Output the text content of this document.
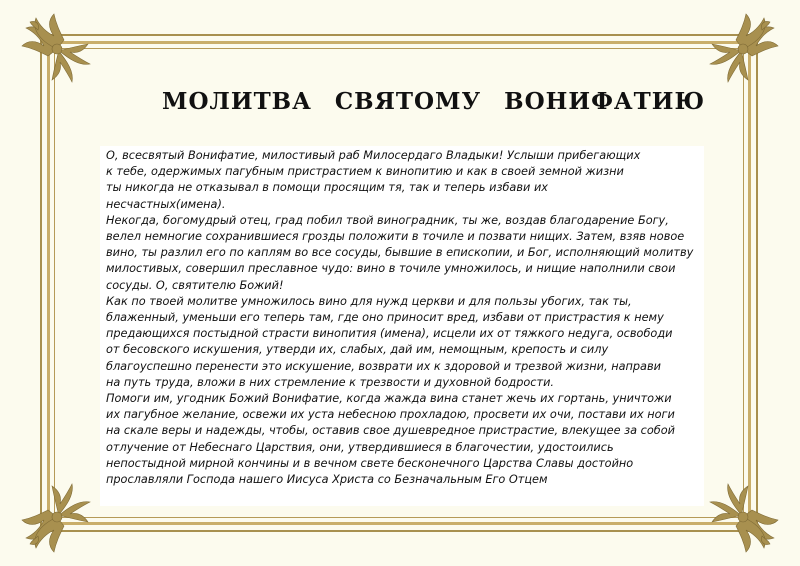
МОЛИТВА СВЯТОМУ ВОНИФАТИЮ
О, всесвятый Вонифатие, милостивый раб Милосердаго Владыки! Услыши прибегающих
к тебе, одержимых пагубным пристрастием к винопитию и как в своей земной жизни
ты никогда не отказывал в помощи просящим тя, так и теперь избави их
несчастных(имена).
Некогда, богомудрый отец, град побил твой виноградник, ты же, воздав благодарение Богу,
велел немногие сохранившиеся грозды положити в точиле и позвати нищих. Затем, взяв новое
вино, ты разлил его по каплям во все сосуды, бывшие в епископии, и Бог, исполняющий молитву
милостивых, совершил преславное чудо: вино в точиле умножилось, и нищие наполнили свои
сосуды. О, святителю Божий!
Как по твоей молитве умножилось вино для нужд церкви и для пользы убогих, так ты,
блаженный, уменьши его теперь там, где оно приносит вред, избави от пристрастия к нему
предающихся постыдной страсти винопития (имена), исцели их от тяжкого недуга, освободи
от бесовского искушения, утверди их, слабых, дай им, немощным, крепость и силу
благоуспешно перенести это искушение, возврати их к здоровой и трезвой жизни, направи
на путь труда, вложи в них стремление к трезвости и духовной бодрости.
Помоги им, угодник Божий Вонифатие, когда жажда вина станет жечь их гортань, уничтожи
их пагубное желание, освежи их уста небесною прохладою, просвети их очи, постави их ноги
на скале веры и надежды, чтобы, оставив свое душевредное пристрастие, влекущее за собой
отлучение от Небеснаго Царствия, они, утвердившиеся в благочестии, удостоились
непостыдной мирной кончины и в вечном свете бесконечного Царства Славы достойно
прославляли Господа нашего Иисуса Христа со Безначальным Его Отцем
